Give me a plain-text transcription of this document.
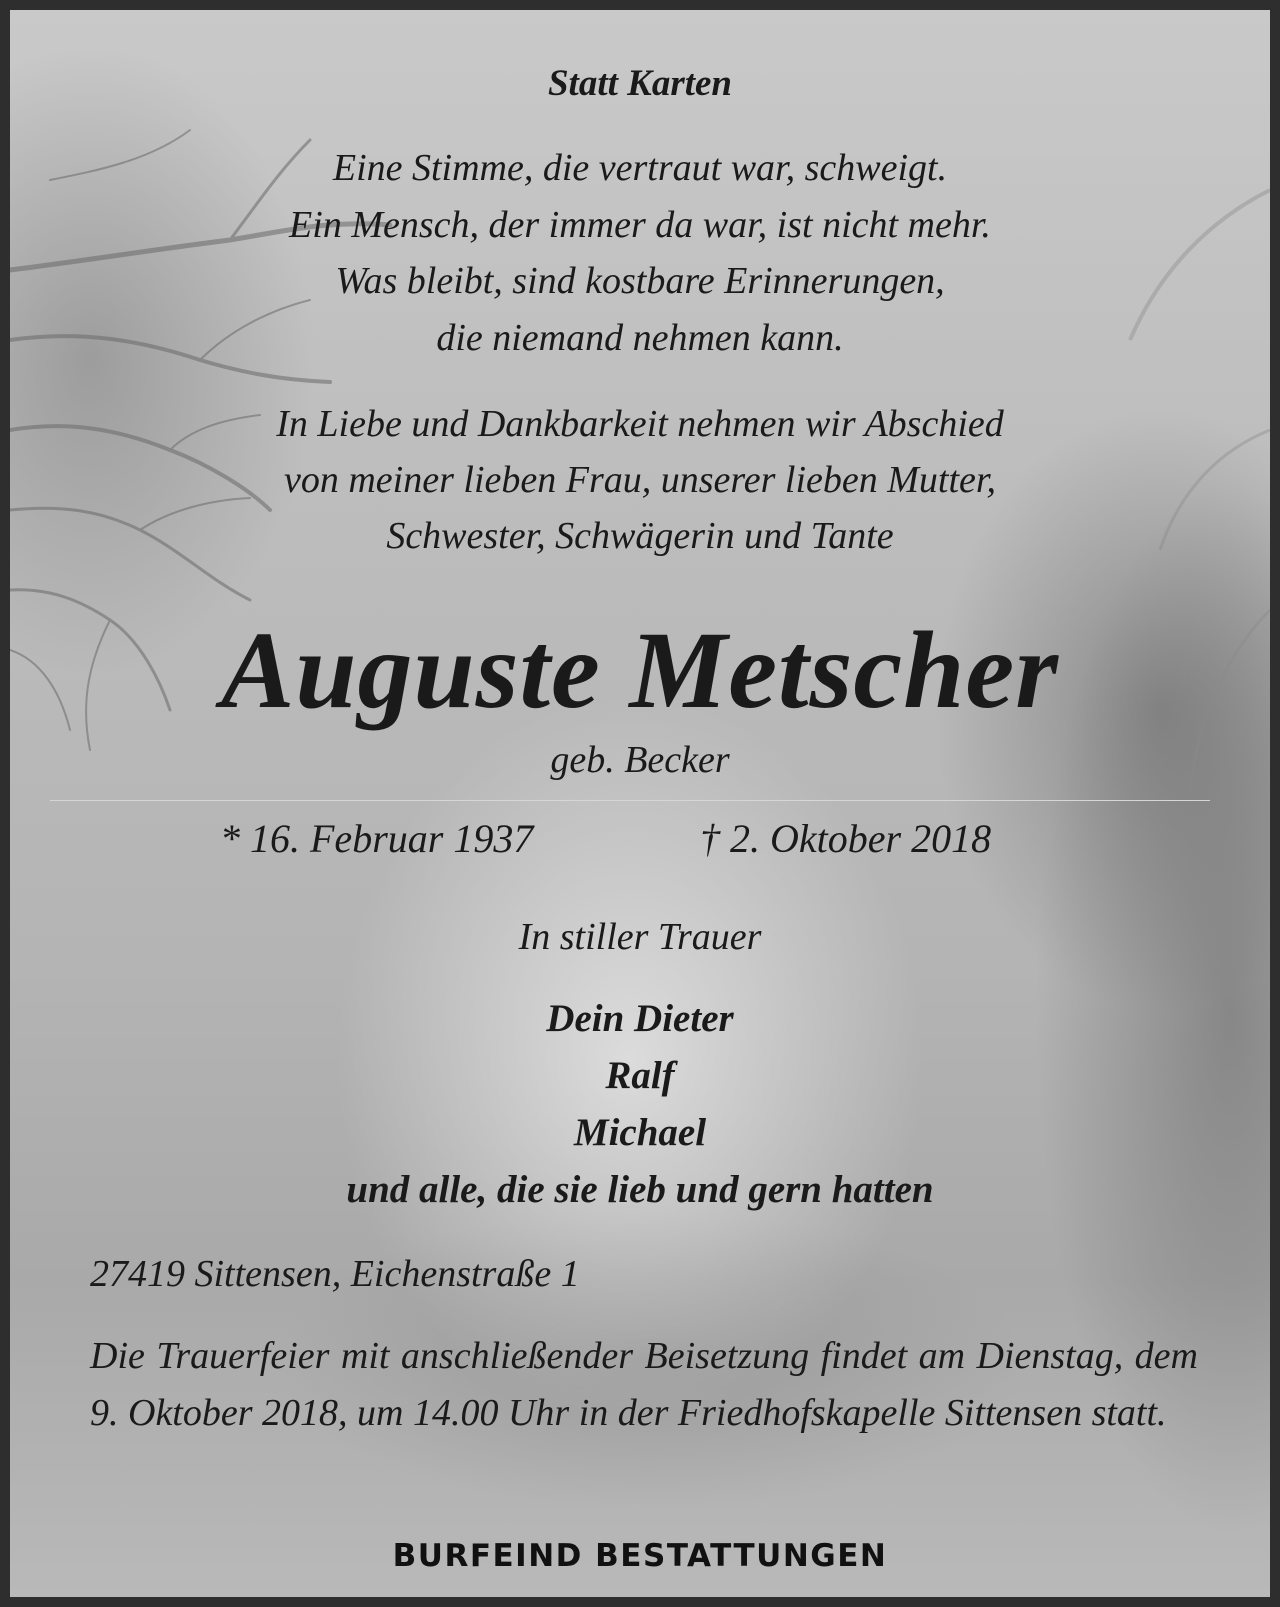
Statt Karten
Eine Stimme, die vertraut war, schweigt.
Ein Mensch, der immer da war, ist nicht mehr.
Was bleibt, sind kostbare Erinnerungen,
die niemand nehmen kann.
In Liebe und Dankbarkeit nehmen wir Abschied
von meiner lieben Frau, unserer lieben Mutter,
Schwester, Schwägerin und Tante
Auguste Metscher
geb. Becker
* 16. Februar 1937	† 2. Oktober 2018
In stiller Trauer
Dein Dieter
Ralf
Michael
und alle, die sie lieb und gern hatten
27419 Sittensen, Eichenstraße 1
Die Trauerfeier mit anschließender Beisetzung findet am Dienstag, dem 9. Oktober 2018, um 14.00 Uhr in der Friedhofskapelle Sittensen statt.
BURFEIND BESTATTUNGEN
